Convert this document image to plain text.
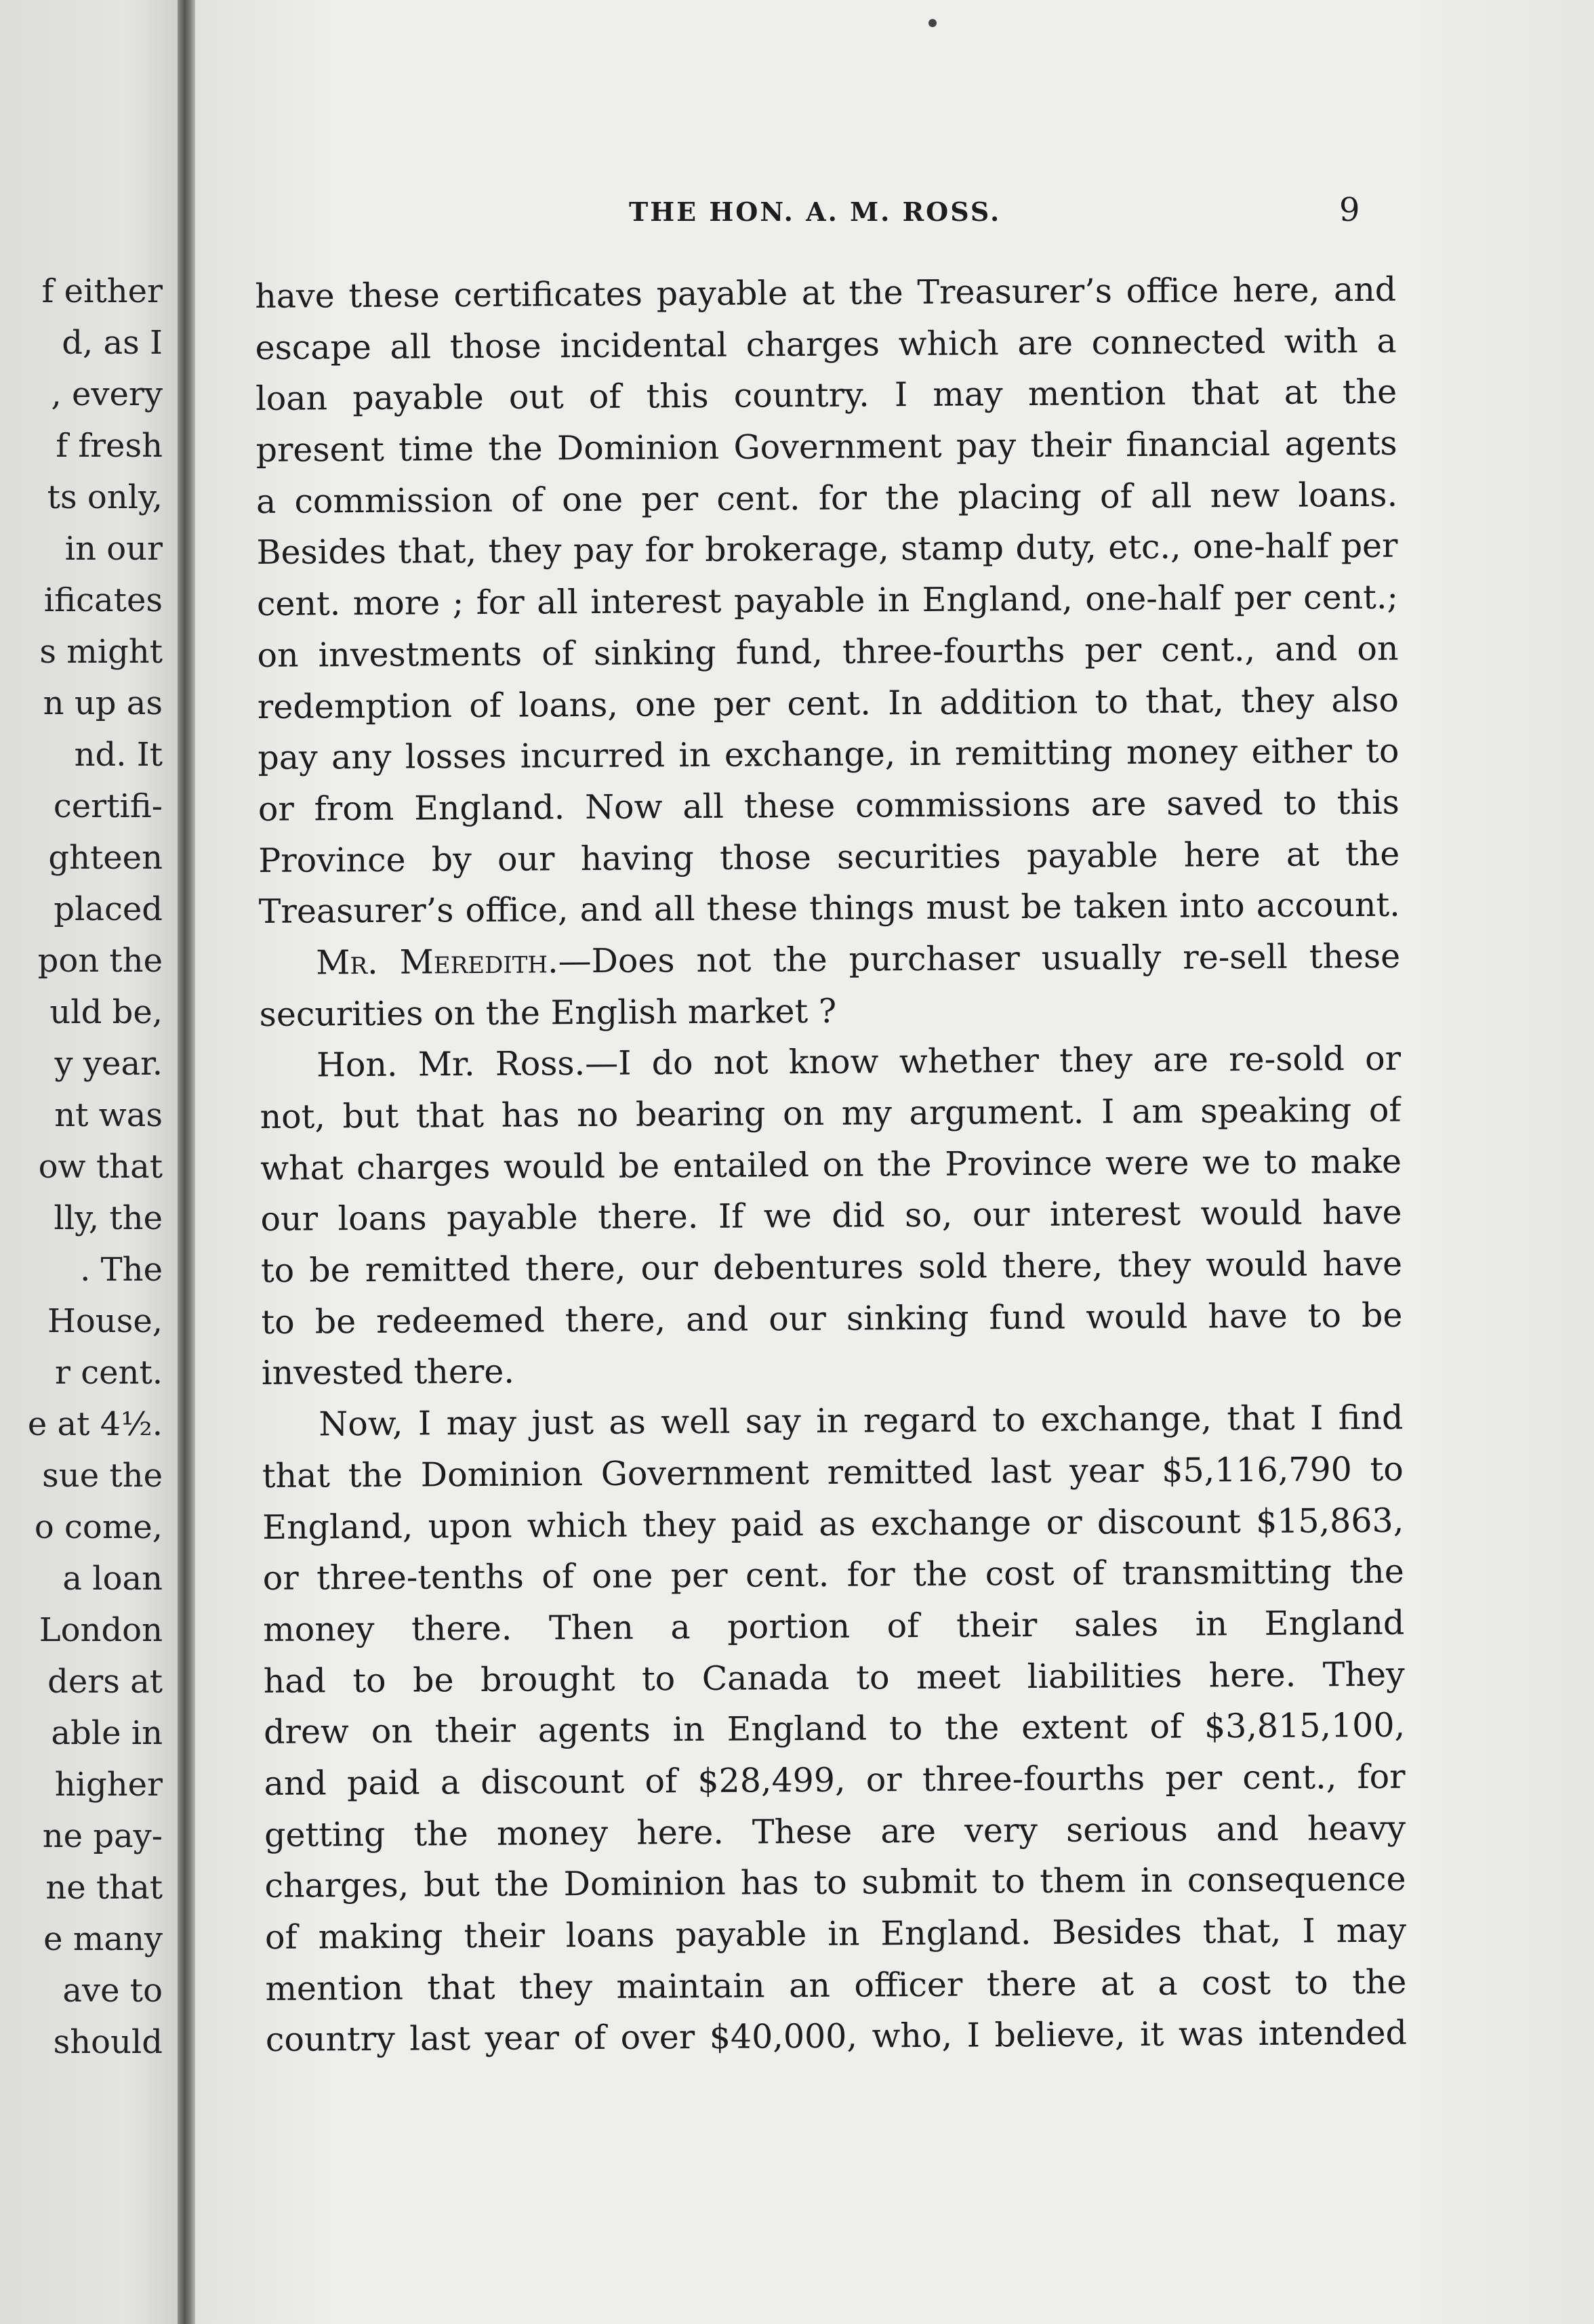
f either
d, as I
, every
f fresh
ts only,
in our
ificates
s might
n up as
nd. It
certifi-
ghteen
placed
pon the
uld be,
y year.
nt was
ow that
lly, the
. The
House,
r cent.
e at 4½.
sue the
o come,
a loan
London
ders at
able in
higher
ne pay-
ne that
e many
ave to
should
THE HON. A. M. ROSS.	9
have these certificates payable at the Treasurer’s office here, and
escape all those incidental charges which are connected with a
loan payable out of this country. I may mention that at the
present time the Dominion Government pay their financial agents
a commission of one per cent. for the placing of all new loans.
Besides that, they pay for brokerage, stamp duty, etc., one-half per
cent. more ; for all interest payable in England, one-half per cent.;
on investments of sinking fund, three-fourths per cent., and on
redemption of loans, one per cent. In addition to that, they also
pay any losses incurred in exchange, in remitting money either to
or from England. Now all these commissions are saved to this
Province by our having those securities payable here at the
Treasurer’s office, and all these things must be taken into account.
Mr. Meredith.—Does not the purchaser usually re-sell these
securities on the English market ?
Hon. Mr. Ross.—I do not know whether they are re-sold or
not, but that has no bearing on my argument. I am speaking of
what charges would be entailed on the Province were we to make
our loans payable there. If we did so, our interest would have
to be remitted there, our debentures sold there, they would have
to be redeemed there, and our sinking fund would have to be
invested there.
Now, I may just as well say in regard to exchange, that I find
that the Dominion Government remitted last year $5,116,790 to
England, upon which they paid as exchange or discount $15,863,
or three-tenths of one per cent. for the cost of transmitting the
money there. Then a portion of their sales in England
had to be brought to Canada to meet liabilities here. They
drew on their agents in England to the extent of $3,815,100,
and paid a discount of $28,499, or three-fourths per cent., for
getting the money here. These are very serious and heavy
charges, but the Dominion has to submit to them in consequence
of making their loans payable in England. Besides that, I may
mention that they maintain an officer there at a cost to the
country last year of over $40,000, who, I believe, it was intended
